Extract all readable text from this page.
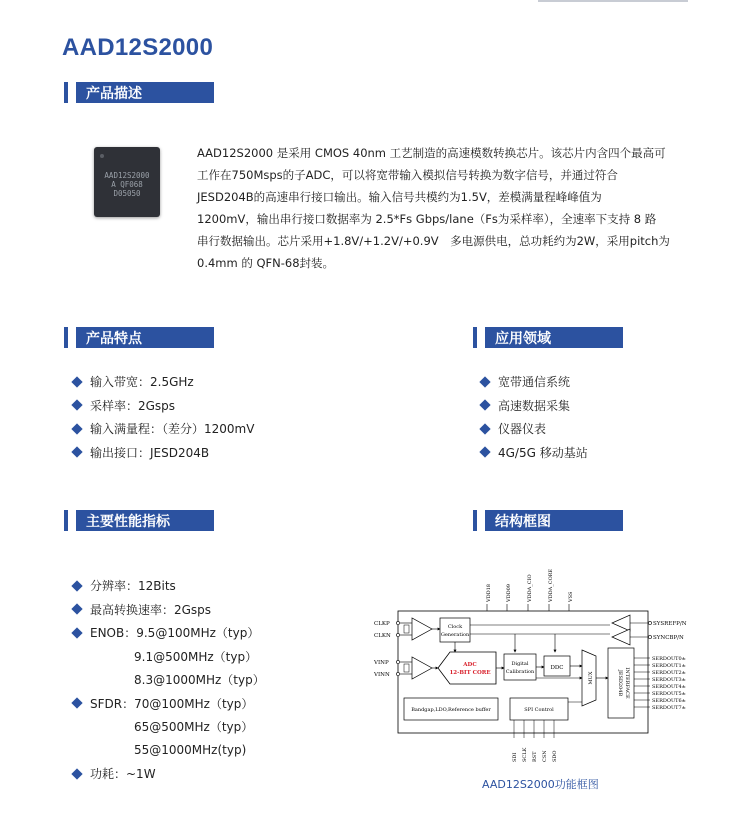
AAD12S2000
产品描述
AAD12S2000
A QF068
D05050

AAD12S2000 是采用 CMOS 40nm 工艺制造的高速模数转换芯片。该芯片内含四个最高可

工作在750Msps的子ADC，可以将宽带输入模拟信号转换为数字信号，并通过符合

JESD204B的高速串行接口输出。输入信号共模约为1.5V，差模满量程峰峰值为

1200mV，输出串行接口数据率为 2.5*Fs Gbps/lane（Fs为采样率），全速率下支持 8 路

串行数据输出。芯片采用+1.8V/+1.2V/+0.9V　多电源供电，总功耗约为2W，采用pitch为

0.4mm 的 QFN-68封装。

产品特点
输入带宽：2.5GHz
采样率：2Gsps
输入满量程：（差分）1200mV
输出接口：JESD204B
应用领域
宽带通信系统
高速数据采集
仪器仪表
4G/5G 移动基站
主要性能指标
分辨率：12Bits
最高转换速率：2Gsps
ENOB：9.5@100MHz（typ）
9.1@500MHz（typ）
8.3@1000MHz（typ）
SFDR：70@100MHz（typ）
65@500MHz（typ）
55@1000MHz(typ)
功耗：~1W
结构框图
VDD18	VDD09	VDDA_CIO	VDDA_CORE	VSS
CLKP
CLKN
Clock
Generation
SYSREFP/N
SYNCBP/N
VINP
VINN
ADC
12-BIT CORE
Digital
Calibration
DDC
MUX	JESD204B INTERFACE
SERDOUT0±
SERDOUT1±
SERDOUT2±
SERDOUT3±
SERDOUT4±
SERDOUT5±
SERDOUT6±
SERDOUT7±
Bandgap,LDO,Reference buffer	SPI Control
SDI SCLK RST CSN SDO
AAD12S2000功能框图
